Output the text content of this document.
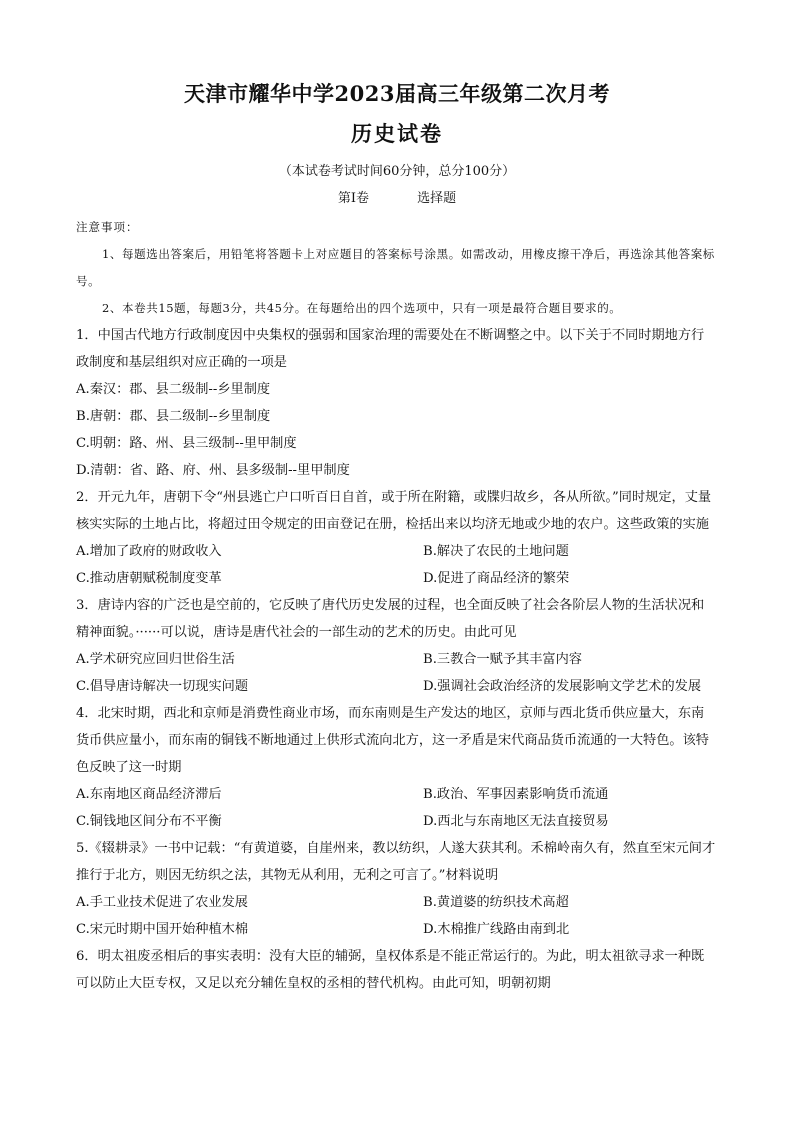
天津市耀华中学2023届高三年级第二次月考
历史试卷
（本试卷考试时间60分钟，总分100分）
第I卷	选择题

注意事项：

1、每题选出答案后，用铅笔将答题卡上对应题目的答案标号涂黑。如需改动，用橡皮擦干净后，再选涂其他答案标号。

2、本卷共15题，每题3分，共45分。在每题给出的四个选项中，只有一项是最符合题目要求的。

1．中国古代地方行政制度因中央集权的强弱和国家治理的需要处在不断调整之中。以下关于不同时期地方行政制度和基层组织对应正确的一项是

A.秦汉：郡、县二级制--乡里制度

B.唐朝：郡、县二级制--乡里制度

C.明朝：路、州、县三级制--里甲制度

D.清朝：省、路、府、州、县多级制--里甲制度

2．开元九年，唐朝下令“州县逃亡户口听百日自首，或于所在附籍，或牒归故乡，各从所欲。”同时规定，丈量核实实际的土地占比，将超过田令规定的田亩登记在册，检括出来以均济无地或少地的农户。这些政策的实施

A.增加了政府的财政收入	B.解决了农民的土地问题
C.推动唐朝赋税制度变革	D.促进了商品经济的繁荣

3．唐诗内容的广泛也是空前的，它反映了唐代历史发展的过程，也全面反映了社会各阶层人物的生活状况和精神面貌。······可以说，唐诗是唐代社会的一部生动的艺术的历史。由此可见

A.学术研究应回归世俗生活	B.三教合一赋予其丰富内容
C.倡导唐诗解决一切现实问题	D.强调社会政治经济的发展影响文学艺术的发展

4．北宋时期，西北和京师是消费性商业市场，而东南则是生产发达的地区，京师与西北货币供应量大，东南货币供应量小，而东南的铜钱不断地通过上供形式流向北方，这一矛盾是宋代商品货币流通的一大特色。该特色反映了这一时期

A.东南地区商品经济滞后	B.政治、军事因素影响货币流通
C.铜钱地区间分布不平衡	D.西北与东南地区无法直接贸易

5.《辍耕录》一书中记载：“有黄道婆，自崖州来，教以纺织，人遂大获其利。禾棉岭南久有，然直至宋元间才推行于北方，则因无纺织之法，其物无从利用，无利之可言了。”材料说明

A.手工业技术促进了农业发展	B.黄道婆的纺织技术高超
C.宋元时期中国开始种植木棉	D.木棉推广线路由南到北

6．明太祖废丞相后的事实表明：没有大臣的辅弼，皇权体系是不能正常运行的。为此，明太祖欲寻求一种既可以防止大臣专权，又足以充分辅佐皇权的丞相的替代机构。由此可知，明朝初期
